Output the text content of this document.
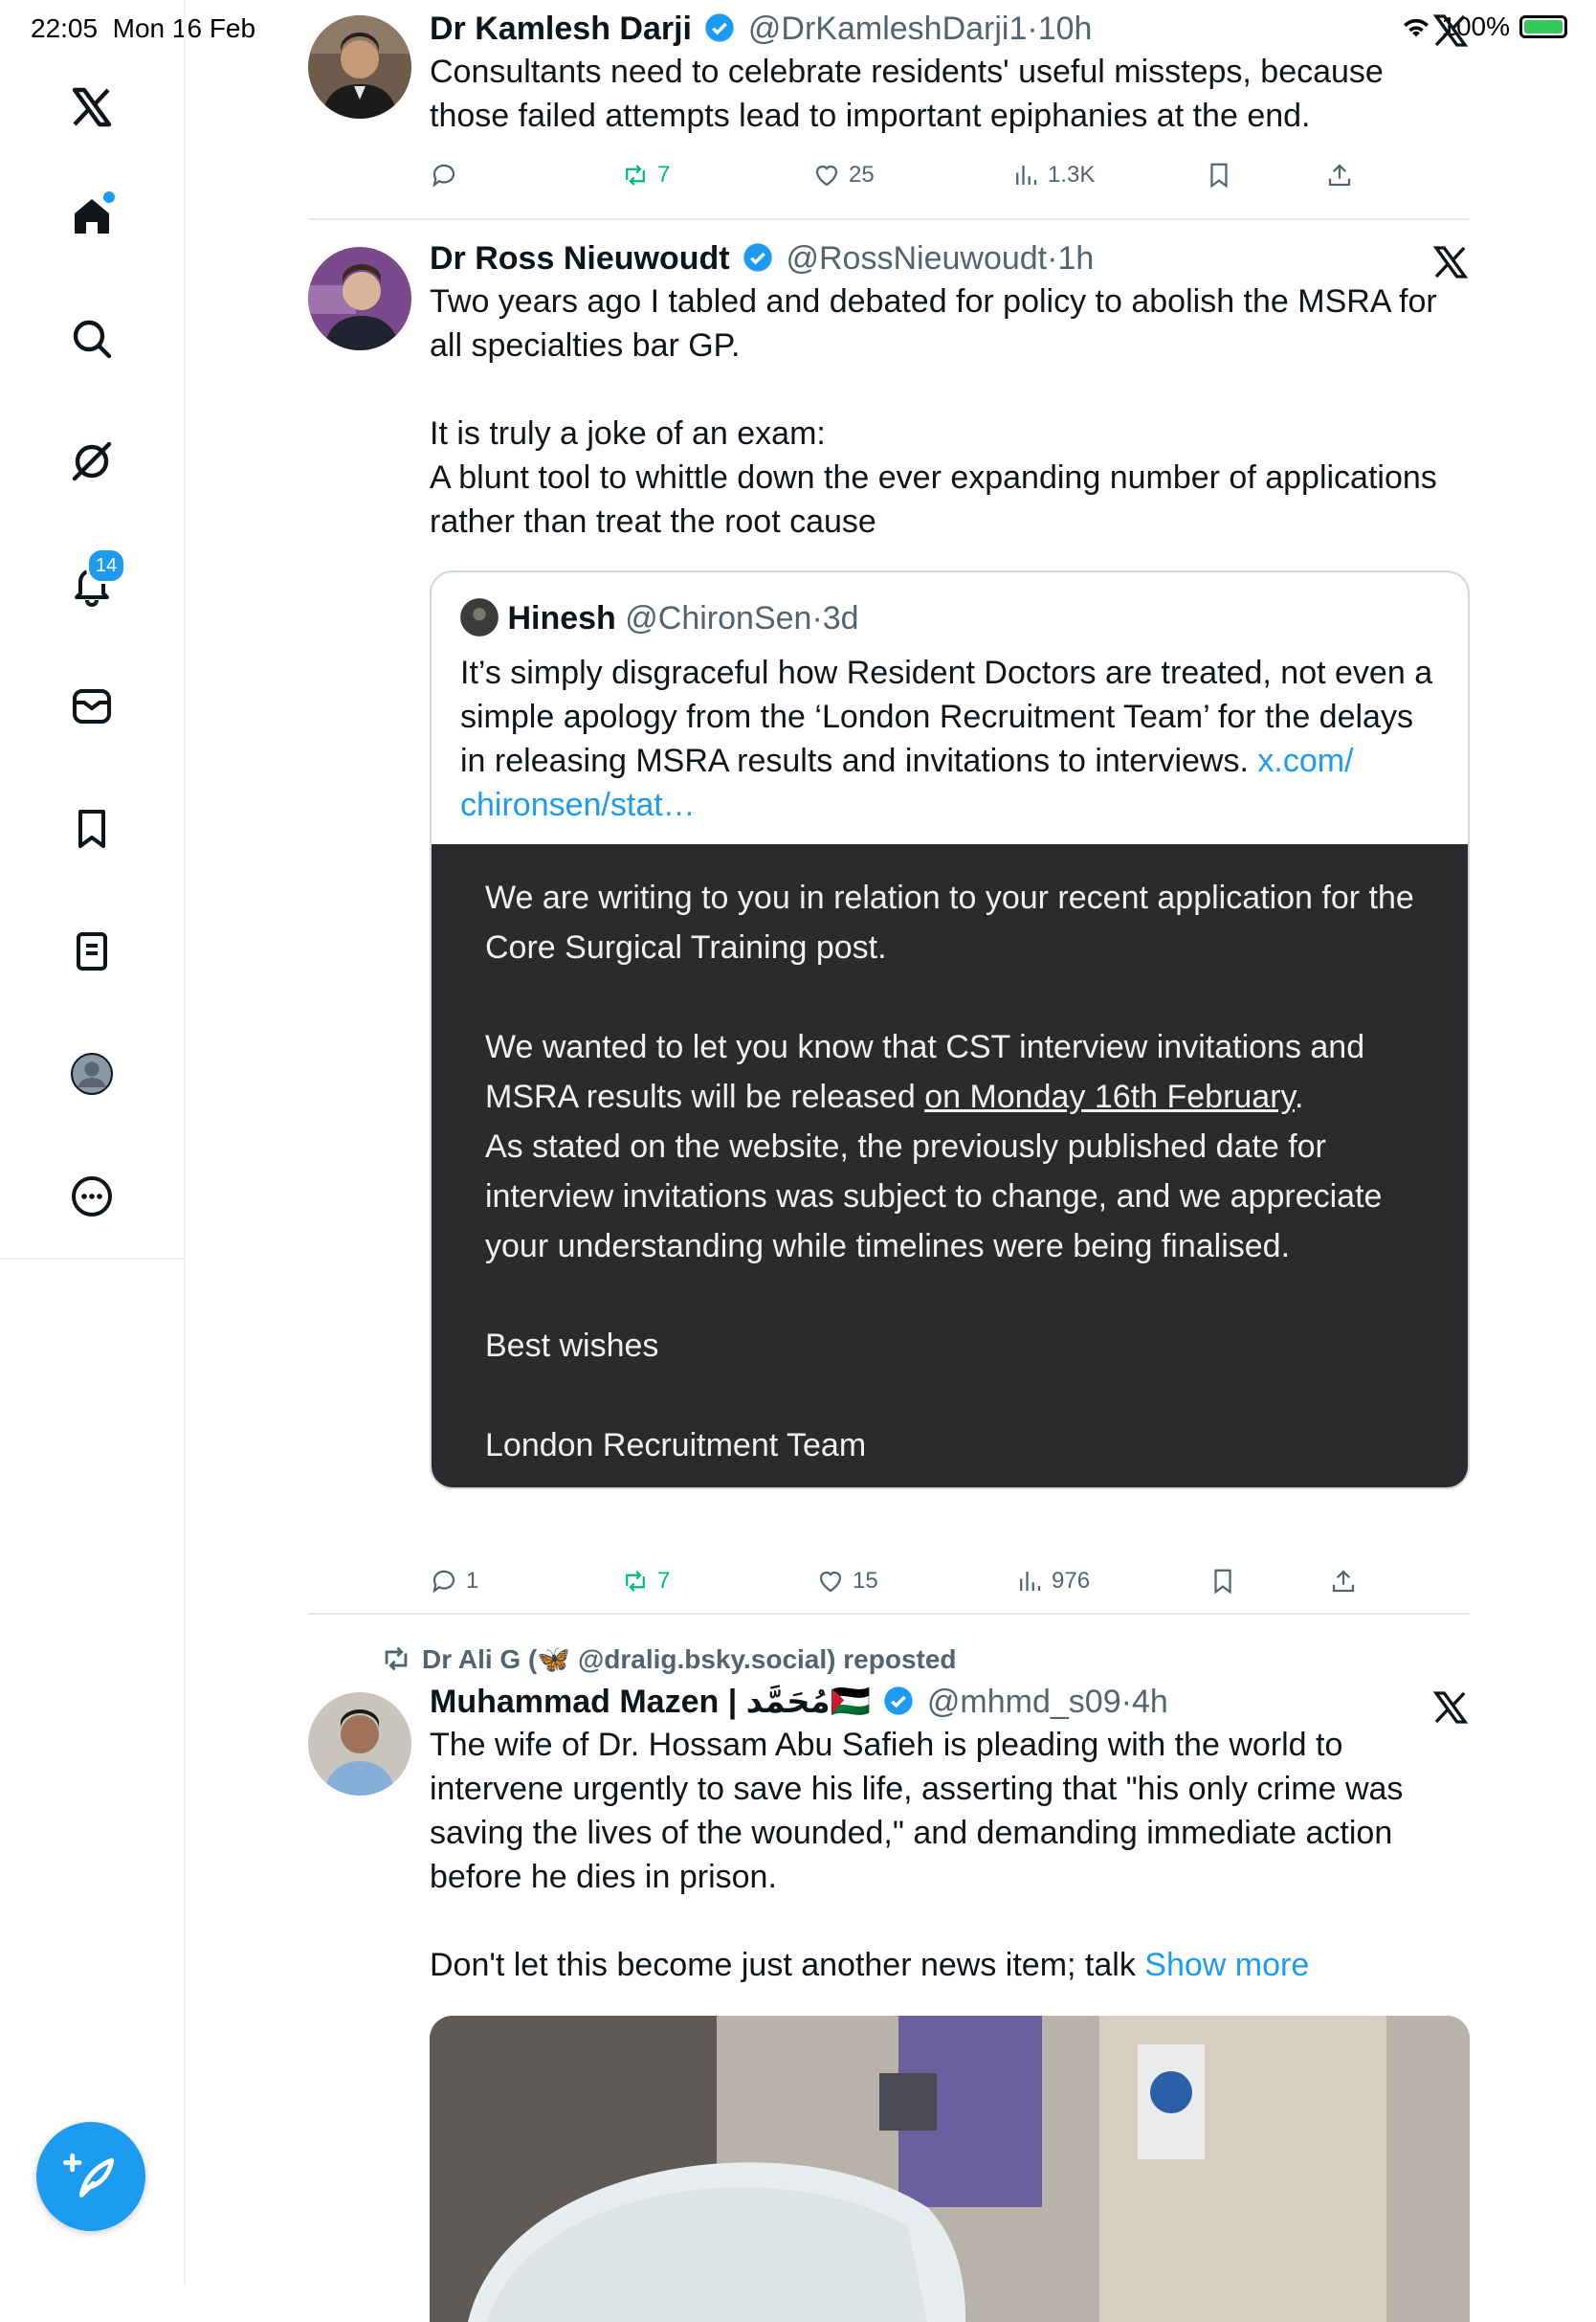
22:05 Mon 16 Feb	100%
14
Dr Kamlesh Darji @DrKamleshDarji1·10h
Consultants need to celebrate residents' useful missteps, because those failed attempts lead to important epiphanies at the end.
7	25	1.3K
Dr Ross Nieuwoudt @RossNieuwoudt·1h
Two years ago I tabled and debated for policy to abolish the MSRA for all specialties bar GP.

It is truly a joke of an exam:
A blunt tool to whittle down the ever expanding number of applications rather than treat the root cause
Hinesh @ChironSen·3d
It’s simply disgraceful how Resident Doctors are treated, not even a simple apology from the ‘London Recruitment Team’ for the delays in releasing MSRA results and invitations to interviews. x.com/
chironsen/stat…
We are writing to you in relation to your recent application for the Core Surgical Training post.

We wanted to let you know that CST interview invitations and MSRA results will be released on Monday 16th February.
As stated on the website, the previously published date for interview invitations was subject to change, and we appreciate your understanding while timelines were being finalised.

Best wishes

London Recruitment Team
1	7	15	976
Dr Ali G (🦋 @dralig.bsky.social) reposted
Muhammad Mazen | مُحَمَّد🇵🇸 @mhmd_s09·4h
The wife of Dr. Hossam Abu Safieh is pleading with the world to intervene urgently to save his life, asserting that "his only crime was saving the lives of the wounded," and demanding immediate action before he dies in prison.

Don't let this become just another news item; talk Show more
